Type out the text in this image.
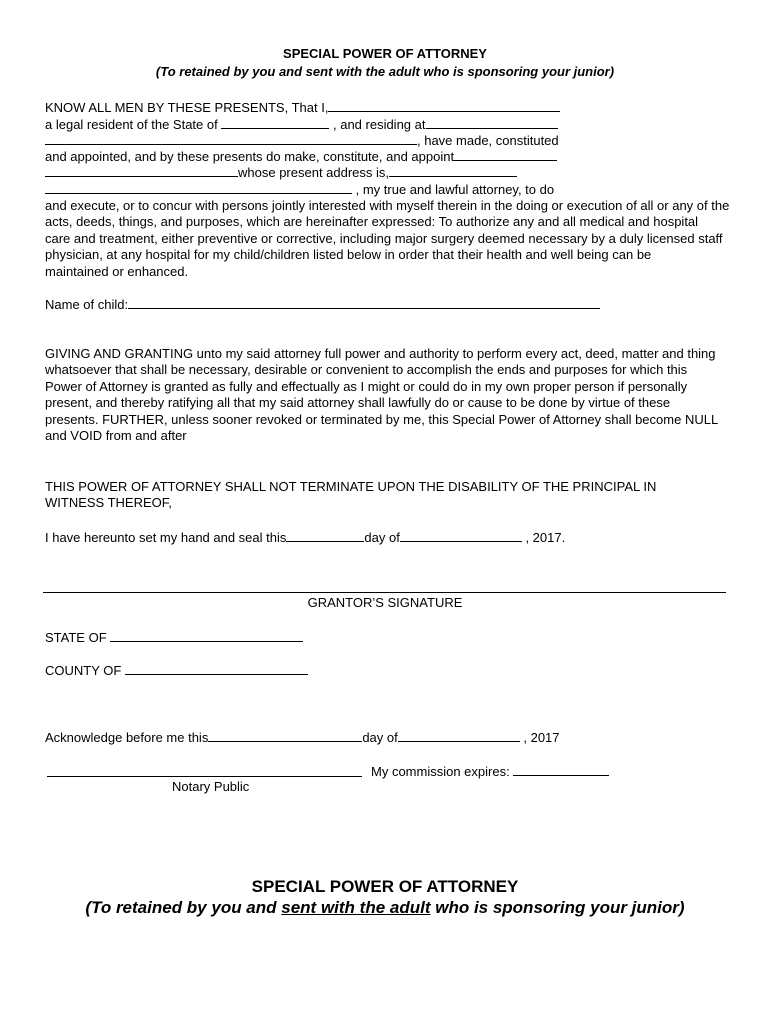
SPECIAL POWER OF ATTORNEY
(To retained by you and sent with the adult who is sponsoring your junior)
KNOW ALL MEN BY THESE PRESENTS, That I,
a legal resident of the State of	, and residing at
, have made, constituted
and appointed, and by these presents do make, constitute, and appoint
whose present address is,
, my true and lawful attorney, to do
and execute, or to concur with persons jointly interested with myself therein in the doing or execution of all or any of the
acts, deeds, things, and purposes, which are hereinafter expressed: To authorize any and all medical and hospital
care and treatment, either preventive or corrective, including major surgery deemed necessary by a duly licensed staff
physician, at any hospital for my child/children listed below in order that their health and well being can be
maintained or enhanced.
Name of child:
GIVING AND GRANTING unto my said attorney full power and authority to perform every act, deed, matter and thing
whatsoever that shall be necessary, desirable or convenient to accomplish the ends and purposes for which this
Power of Attorney is granted as fully and effectually as I might or could do in my own proper person if personally
present, and thereby ratifying all that my said attorney shall lawfully do or cause to be done by virtue of these
presents. FURTHER, unless sooner revoked or terminated by me, this Special Power of Attorney shall become NULL
and VOID from and after
THIS POWER OF ATTORNEY SHALL NOT TERMINATE UPON THE DISABILITY OF THE PRINCIPAL IN
WITNESS THEREOF,
I have hereunto set my hand and seal this	day of	, 2017.
GRANTOR’S SIGNATURE
STATE OF
COUNTY OF
Acknowledge before me this	day of	, 2017
My commission expires:
Notary Public
SPECIAL POWER OF ATTORNEY
(To retained by you and sent with the adult who is sponsoring your junior)
